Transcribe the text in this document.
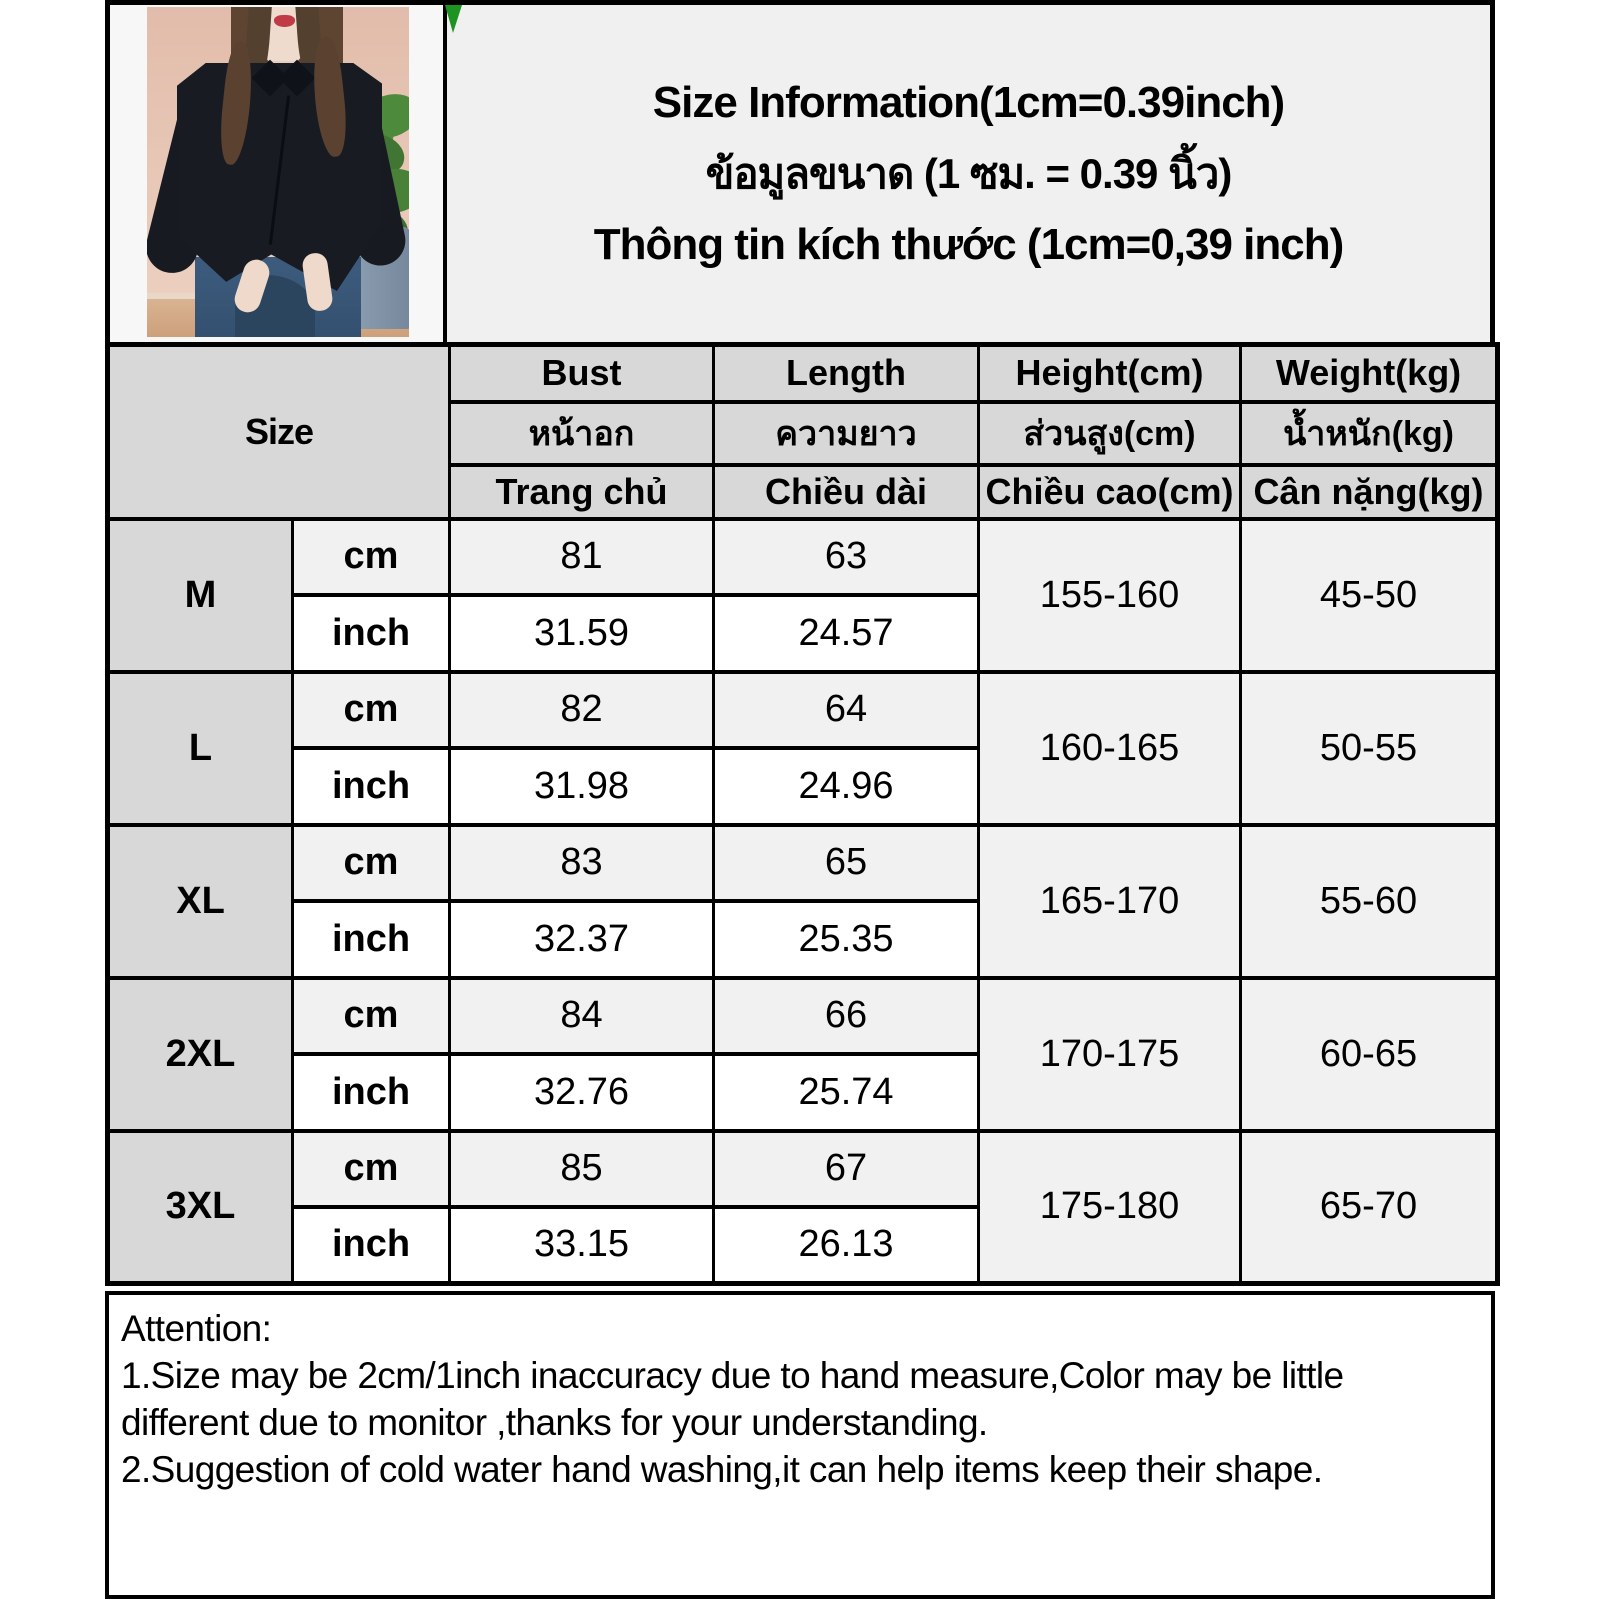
Size Information(1cm=0.39inch)
ข้อมูลขนาด (1 ซม. = 0.39 นิ้ว)
Thông tin kích thước (1cm=0,39 inch)
Size		Bust	Length	Height(cm)	Weight(kg)
		หน้าอก	ความยาว	ส่วนสูง(cm)	น้ำหนัก(kg)
		Trang chủ	Chiều dài	Chiều cao(cm)	Cân nặng(kg)
M	cm	81	63	155-160	45-50
	inch	31.59	24.57		
L	cm	82	64	160-165	50-55
	inch	31.98	24.96		
XL	cm	83	65	165-170	55-60
	inch	32.37	25.35		
2XL	cm	84	66	170-175	60-65
	inch	32.76	25.74		
3XL	cm	85	67	175-180	65-70
	inch	33.15	26.13		

Attention:

1.Size may be 2cm/1inch inaccuracy due to hand measure,Color may be little different due to monitor ,thanks for your understanding.

2.Suggestion of cold water hand washing,it can help items keep their shape.
